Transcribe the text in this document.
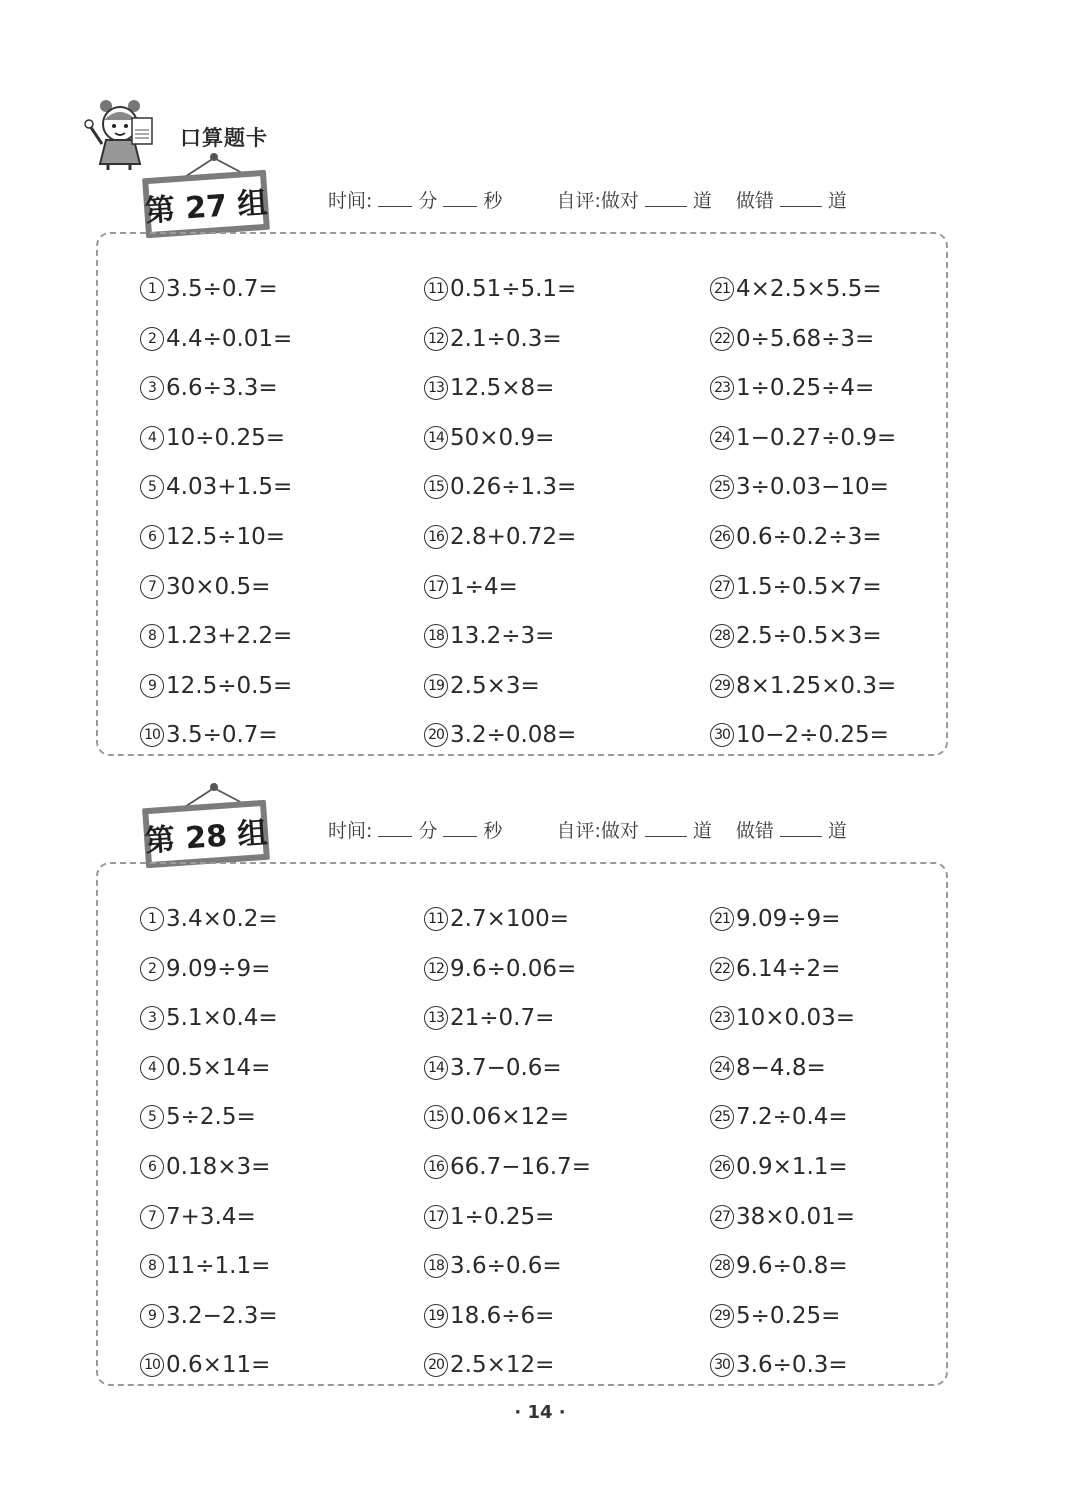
口算题卡
第 27 组	时间: 分 秒	自评:做对	道 做错	道
1 3.5÷0.7=
2 4.4÷0.01=
3 6.6÷3.3=
4 10÷0.25=
5 4.03+1.5=
6 12.5÷10=
7 30×0.5=
8 1.23+2.2=
9 12.5÷0.5=
10 3.5÷0.7=
11 0.51÷5.1=
12 2.1÷0.3=
13 12.5×8=
14 50×0.9=
15 0.26÷1.3=
16 2.8+0.72=
17 1÷4=
18 13.2÷3=
19 2.5×3=
20 3.2÷0.08=
21 4×2.5×5.5=
22 0÷5.68÷3=
23 1÷0.25÷4=
24 1−0.27÷0.9=
25 3÷0.03−10=
26 0.6÷0.2÷3=
27 1.5÷0.5×7=
28 2.5÷0.5×3=
29 8×1.25×0.3=
30 10−2÷0.25=
第 28 组	时间: 分 秒	自评:做对	道 做错	道
1 3.4×0.2=
2 9.09÷9=
3 5.1×0.4=
4 0.5×14=
5 5÷2.5=
6 0.18×3=
7 7+3.4=
8 11÷1.1=
9 3.2−2.3=
10 0.6×11=
11 2.7×100=
12 9.6÷0.06=
13 21÷0.7=
14 3.7−0.6=
15 0.06×12=
16 66.7−16.7=
17 1÷0.25=
18 3.6÷0.6=
19 18.6÷6=
20 2.5×12=
21 9.09÷9=
22 6.14÷2=
23 10×0.03=
24 8−4.8=
25 7.2÷0.4=
26 0.9×1.1=
27 38×0.01=
28 9.6÷0.8=
29 5÷0.25=
30 3.6÷0.3=
· 14 ·
